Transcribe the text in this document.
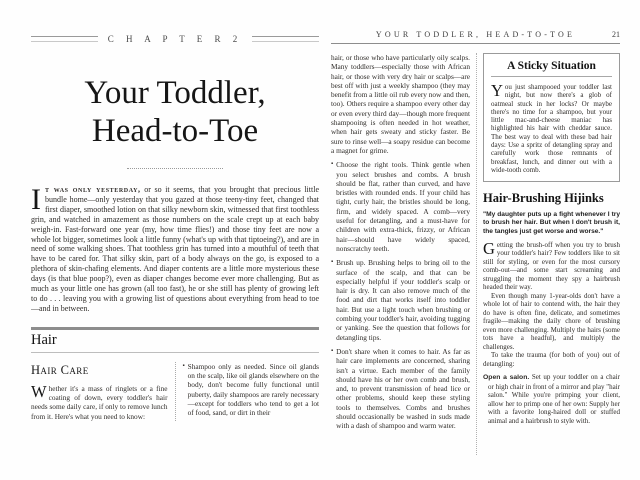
C H A P T E R 2
Your Toddler,
Head-to-Toe

It was only yesterday, or so it seems, that you brought that precious little bundle home—only yesterday that you gazed at those teeny-tiny feet, changed that first diaper, smoothed lotion on that silky newborn skin, witnessed that first toothless grin, and watched in amazement as those numbers on the scale crept up at each baby weigh-in. Fast-forward one year (my, how time flies!) and those tiny feet are now a whole lot bigger, sometimes look a little funny (what's up with that tiptoeing?), and are in need of some walking shoes. That toothless grin has turned into a mouthful of teeth that have to be cared for. That silky skin, part of a body always on the go, is exposed to a plethora of skin-chafing elements. And diaper contents are a little more mysterious these days (is that blue poop?), even as diaper changes become ever more challenging. But as much as your little one has grown (all too fast), he or she still has plenty of growing left to do . . . leaving you with a growing list of questions about everything from head to toe—and in between.

Hair
Hair Care

Whether it's a mass of ringlets or a fine coating of down, every toddler's hair needs some daily care, if only to remove lunch from it. Here's what you need to know:

▪ Shampoo only as needed. Since oil glands on the scalp, like oil glands elsewhere on the body, don't become fully functional until puberty, daily shampoos are rarely necessary—except for toddlers who tend to get a lot of food, sand, or dirt in their

YOUR TODDLER, HEAD-TO-TOE	21

hair, or those who have particularly oily scalps. Many toddlers—especially those with African hair, or those with very dry hair or scalps—are best off with just a weekly shampoo (they may benefit from a little oil rub every now and then, too). Others require a shampoo every other day or even every third day—though more frequent shampooing is often needed in hot weather, when hair gets sweaty and sticky faster. Be sure to rinse well—a soapy residue can become a magnet for grime.

▪ Choose the right tools. Think gentle when you select brushes and combs. A brush should be flat, rather than curved, and have bristles with rounded ends. If your child has tight, curly hair, the bristles should be long, firm, and widely spaced. A comb—very useful for detangling, and a must-have for children with extra-thick, frizzy, or African hair—should have widely spaced, nonscratchy teeth.

▪ Brush up. Brushing helps to bring oil to the surface of the scalp, and that can be especially helpful if your toddler's scalp or hair is dry. It can also remove much of the food and dirt that works itself into toddler hair. But use a light touch when brushing or combing your toddler's hair, avoiding tugging or yanking. See the question that follows for detangling tips.

▪ Don't share when it comes to hair. As far as hair care implements are concerned, sharing isn't a virtue. Each member of the family should have his or her own comb and brush, and, to prevent transmission of head lice or other problems, should keep these styling tools to themselves. Combs and brushes should occasionally be washed in suds made with a dash of shampoo and warm water.

A Sticky Situation

You just shampooed your toddler last night, but now there's a glob of oatmeal stuck in her locks? Or maybe there's no time for a shampoo, but your little mac-and-cheese maniac has highlighted his hair with cheddar sauce. The best way to deal with these bad hair days: Use a spritz of detangling spray and carefully work those remnants of breakfast, lunch, and dinner out with a wide-tooth comb.

Hair-Brushing Hijinks

"My daughter puts up a fight whenever I try to brush her hair. But when I don't brush it, the tangles just get worse and worse."

Getting the brush-off when you try to brush your toddler's hair? Few toddlers like to sit still for styling, or even for the most cursory comb-out—and some start screaming and struggling the moment they spy a hairbrush headed their way.

Even though many 1-year-olds don't have a whole lot of hair to contend with, the hair they do have is often fine, delicate, and sometimes fragile—making the daily chore of brushing even more challenging. Multiply the hairs (some tots have a headful), and multiply the challenges.

To take the trauma (for both of you) out of detangling:

Open a salon. Set up your toddler on a chair or high chair in front of a mirror and play "hair salon." While you're primping your client, allow her to primp one of her own: Supply her with a favorite long-haired doll or stuffed animal and a hairbrush to style with.
